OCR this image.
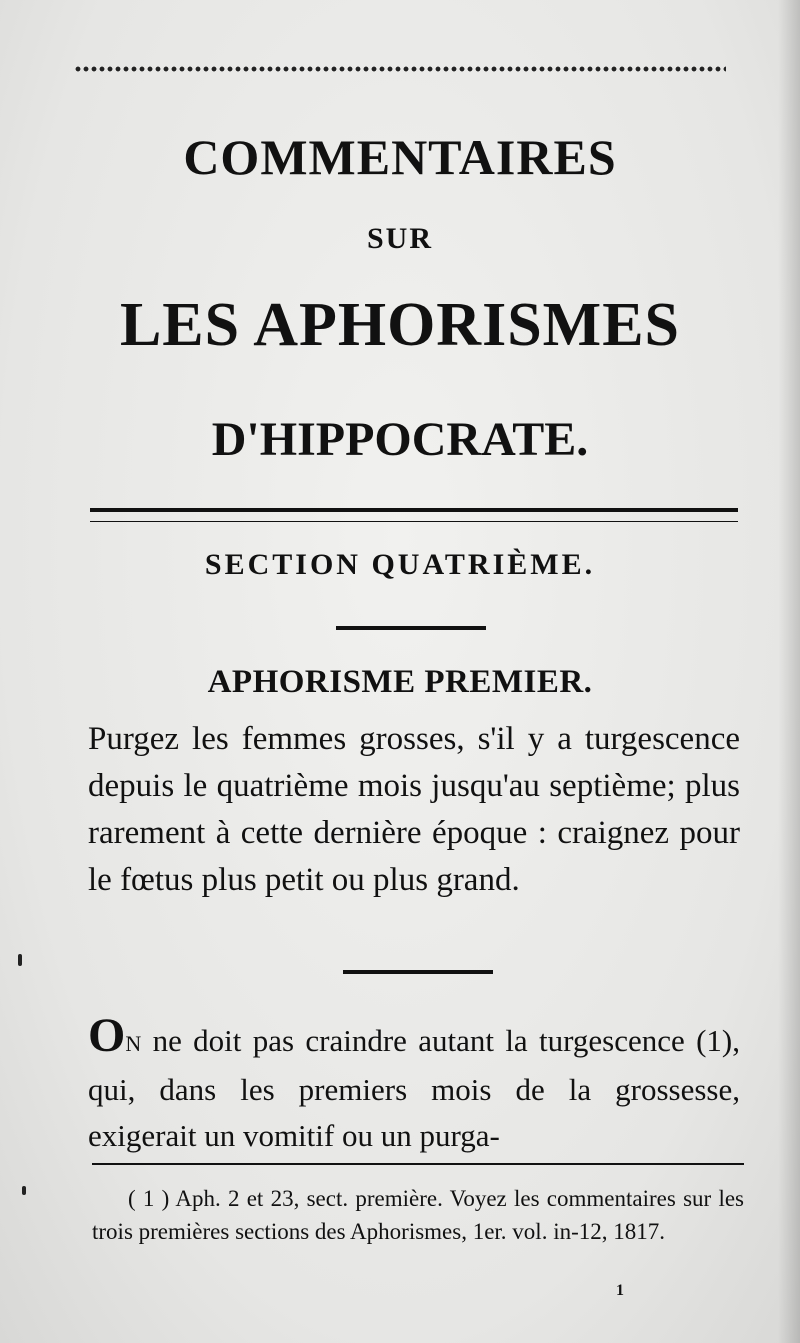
COMMENTAIRES
SUR
LES APHORISMES
D'HIPPOCRATE.
SECTION QUATRIÈME.
APHORISME PREMIER.
Purgez les femmes grosses, s'il y a turgescence depuis le quatrième mois jusqu'au septième; plus rarement à cette dernière époque : craignez pour le fœtus plus petit ou plus grand.
ON ne doit pas craindre autant la turgescence (1), qui, dans les premiers mois de la grossesse, exigerait un vomitif ou un purga-
( 1 ) Aph. 2 et 23, sect. première. Voyez les commentaires sur les trois premières sections des Aphorismes, 1er. vol. in-12, 1817.
1
